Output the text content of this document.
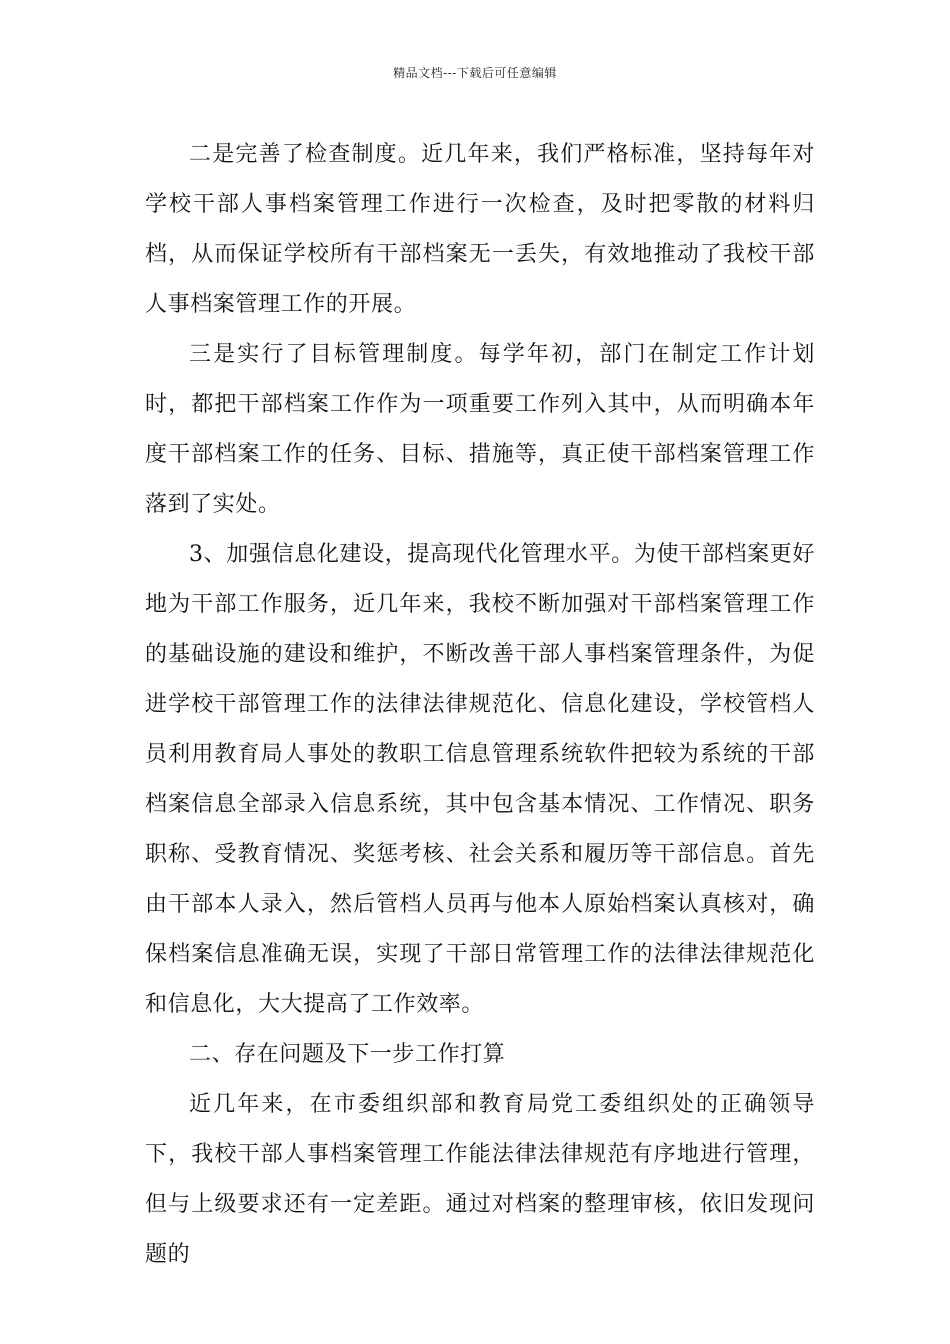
精品文档---下载后可任意编辑

二是完善了检查制度。近几年来，我们严格标准，坚持每年对学校干部人事档案管理工作进行一次检查，及时把零散的材料归档，从而保证学校所有干部档案无一丢失，有效地推动了我校干部人事档案管理工作的开展。

三是实行了目标管理制度。每学年初，部门在制定工作计划时，都把干部档案工作作为一项重要工作列入其中，从而明确本年度干部档案工作的任务、目标、措施等，真正使干部档案管理工作落到了实处。

3、加强信息化建设，提高现代化管理水平。为使干部档案更好地为干部工作服务，近几年来，我校不断加强对干部档案管理工作的基础设施的建设和维护，不断改善干部人事档案管理条件，为促进学校干部管理工作的法律法律规范化、信息化建设，学校管档人员利用教育局人事处的教职工信息管理系统软件把较为系统的干部档案信息全部录入信息系统，其中包含基本情况、工作情况、职务职称、受教育情况、奖惩考核、社会关系和履历等干部信息。首先由干部本人录入，然后管档人员再与他本人原始档案认真核对，确保档案信息准确无误，实现了干部日常管理工作的法律法律规范化和信息化，大大提高了工作效率。

二、存在问题及下一步工作打算

近几年来，在市委组织部和教育局党工委组织处的正确领导下，我校干部人事档案管理工作能法律法律规范有序地进行管理，但与上级要求还有一定差距。通过对档案的整理审核，依旧发现问题的
